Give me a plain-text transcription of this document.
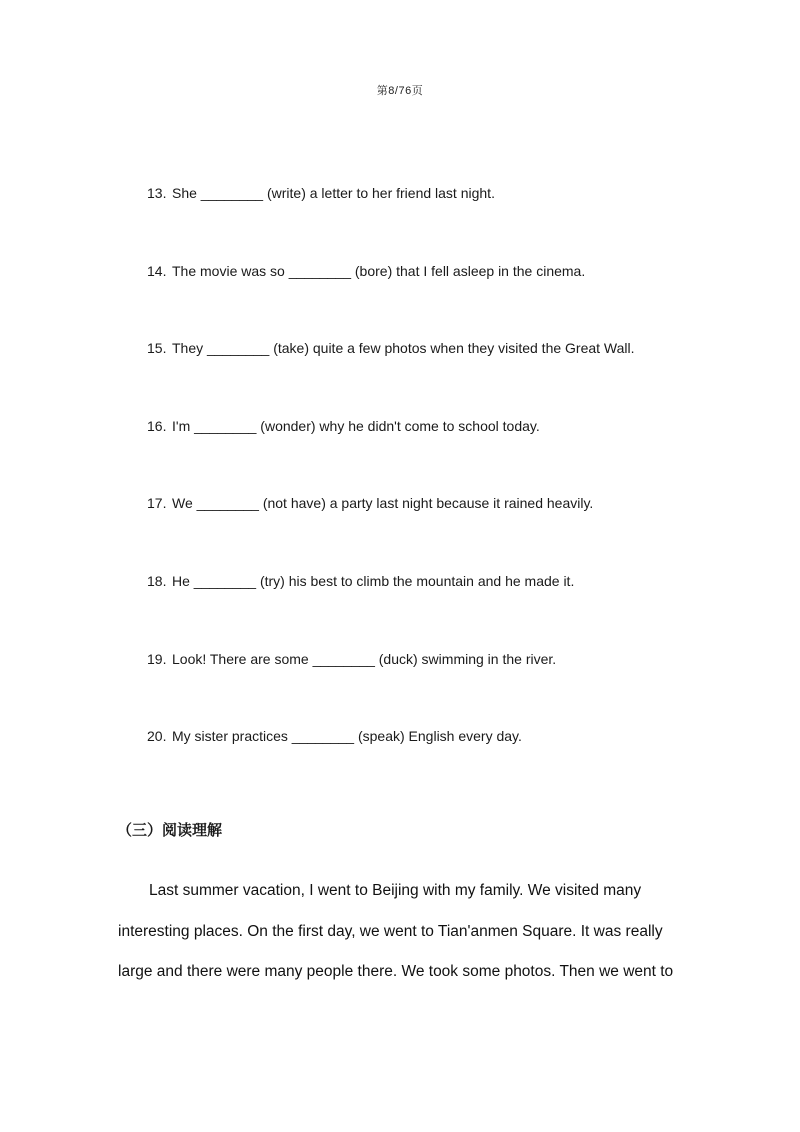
第8/76页
13. She ________ (write) a letter to her friend last night.
14. The movie was so ________ (bore) that I fell asleep in the cinema.
15. They ________ (take) quite a few photos when they visited the Great Wall.
16. I'm ________ (wonder) why he didn't come to school today.
17. We ________ (not have) a party last night because it rained heavily.
18. He ________ (try) his best to climb the mountain and he made it.
19. Look! There are some ________ (duck) swimming in the river.
20. My sister practices ________ (speak) English every day.
（三）阅读理解

Last summer vacation, I went to Beijing with my family. We visited many interesting places. On the first day, we went to Tian'anmen Square. It was really large and there were many people there. We took some photos. Then we went to
